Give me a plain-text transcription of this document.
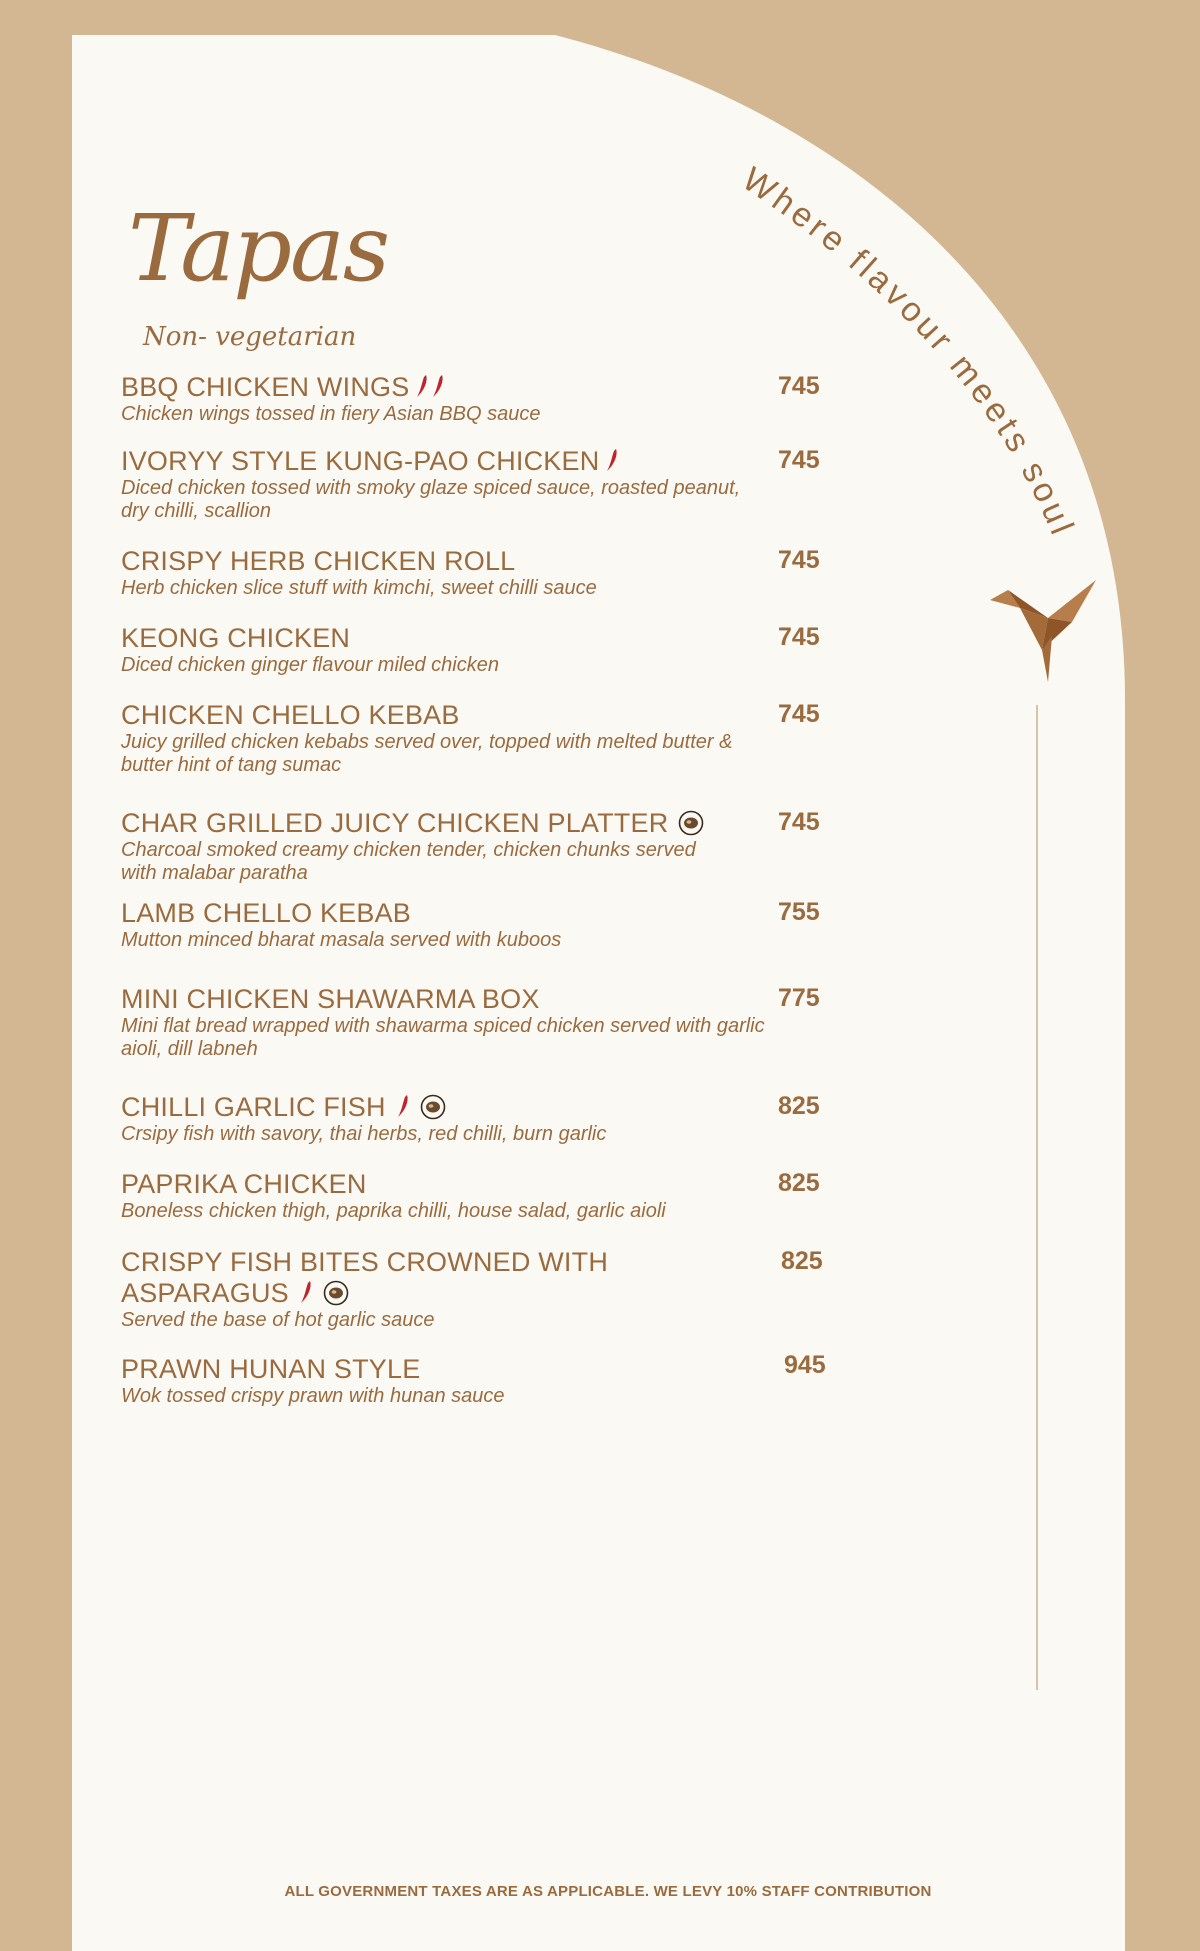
Where flavour meets soul
Tapas
Non- vegetarian
BBQ CHICKEN WINGS
Chicken wings tossed in fiery Asian BBQ sauce
745
IVORYY STYLE KUNG-PAO CHICKEN
Diced chicken tossed with smoky glaze spiced sauce, roasted peanut, dry chilli, scallion
745
CRISPY HERB CHICKEN ROLL
Herb chicken slice stuff with kimchi, sweet chilli sauce
745
KEONG CHICKEN
Diced chicken ginger flavour miled chicken
745
CHICKEN CHELLO KEBAB
Juicy grilled chicken kebabs served over, topped with melted butter & butter hint of tang sumac
745
CHAR GRILLED JUICY CHICKEN PLATTER
Charcoal smoked creamy chicken tender, chicken chunks served with malabar paratha
745
LAMB CHELLO KEBAB
Mutton minced bharat masala served with kuboos
755
MINI CHICKEN SHAWARMA BOX
Mini flat bread wrapped with shawarma spiced chicken served with garlic aioli, dill labneh
775
CHILLI GARLIC FISH
Crsipy fish with savory, thai herbs, red chilli, burn garlic
825
PAPRIKA CHICKEN
Boneless chicken thigh, paprika chilli, house salad, garlic aioli
825
CRISPY FISH BITES CROWNED WITH
ASPARAGUS
Served the base of hot garlic sauce
825
PRAWN HUNAN STYLE
Wok tossed crispy prawn with hunan sauce
945
ALL GOVERNMENT TAXES ARE AS APPLICABLE. WE LEVY 10% STAFF CONTRIBUTION
